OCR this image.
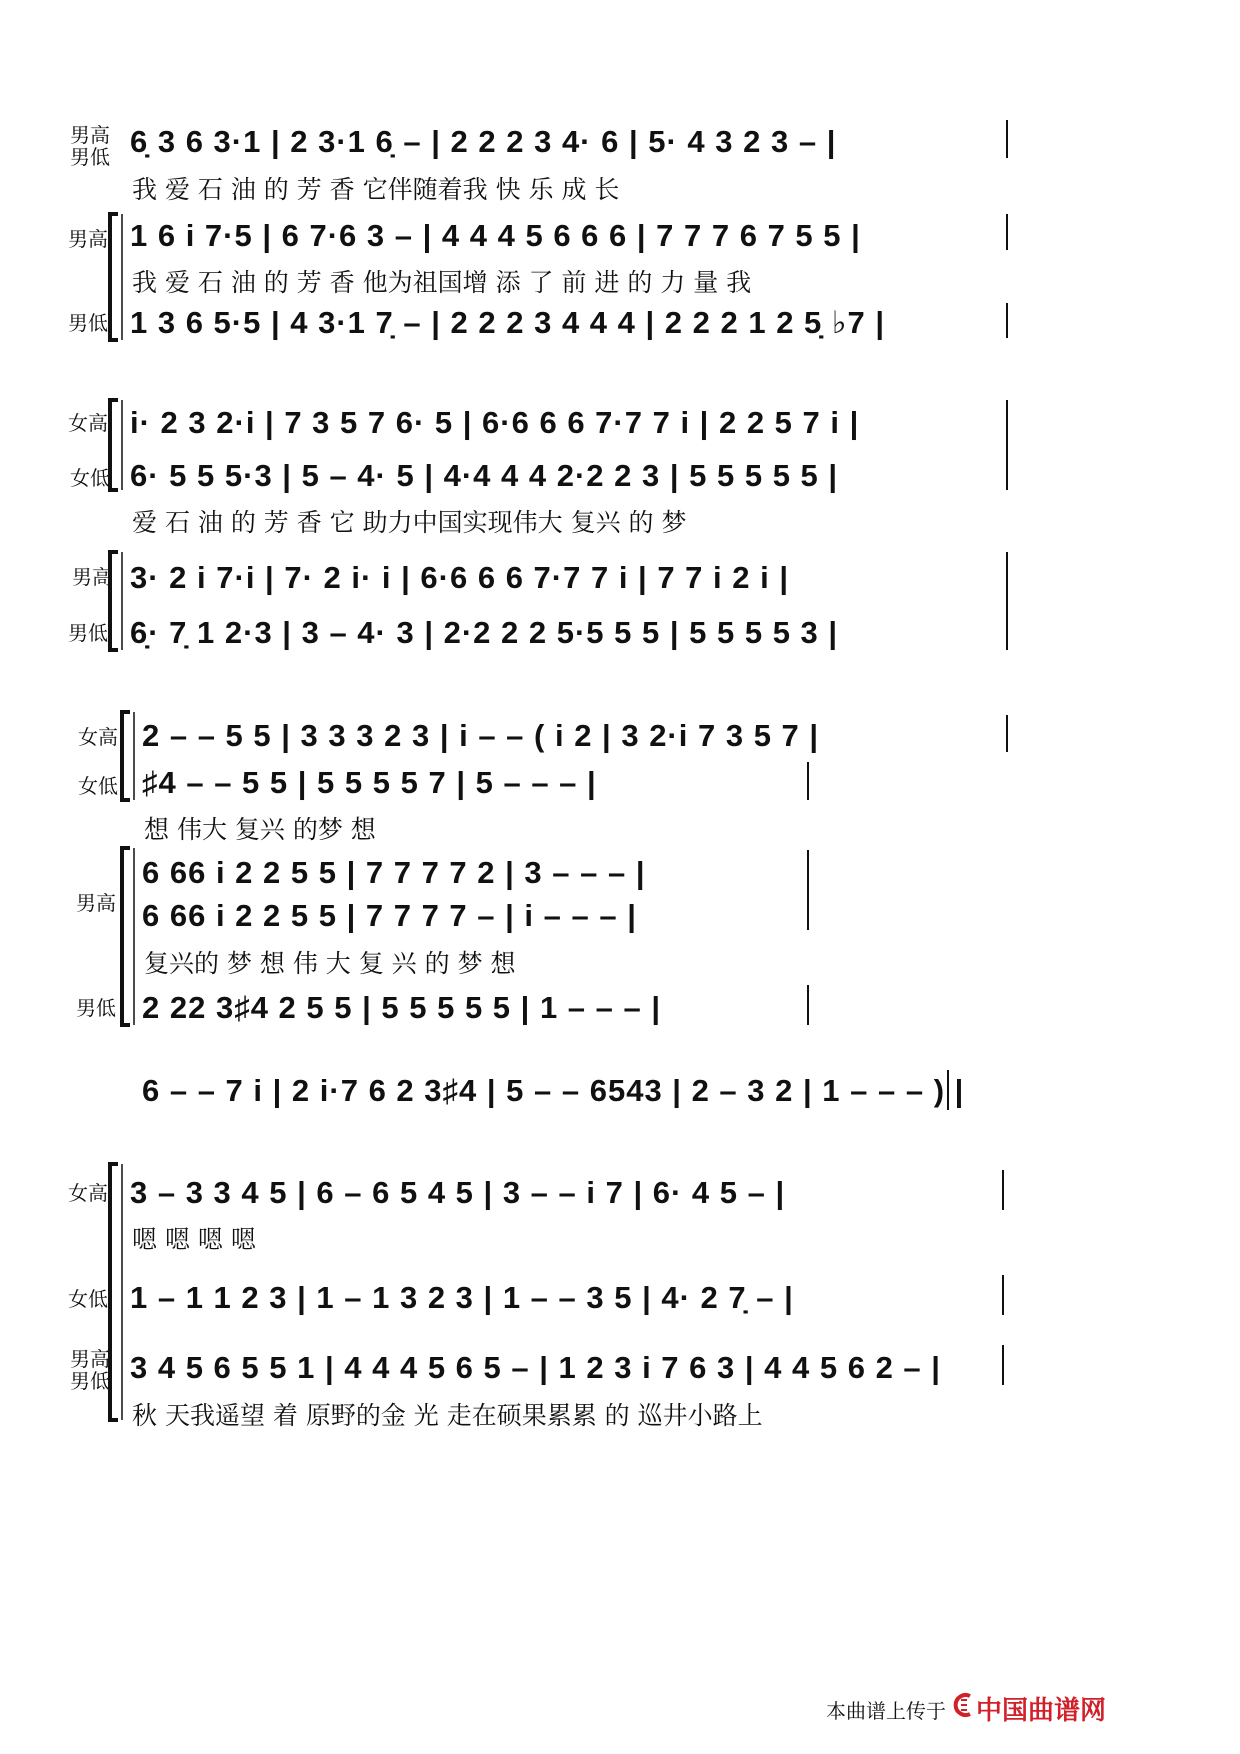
男高
男低 6̣ 3 6 3·1 | 2 3·1 6̣ – | 2 2 2 3 4· 6 | 5· 4 3 2 3 – |
我 爱 石 油 的 芳 香 它伴随着我 快 乐 成 长
男高 1 6 i 7·5 | 6 7·6 3 – | 4 4 4 5 6 6 6 | 7 7 7 6 7 5 5 |
我 爱 石 油 的 芳 香 他为祖国增 添 了 前 进 的 力 量 我
男低 1 3 6 5·5 | 4 3·1 7̣ – | 2 2 2 3 4 4 4 | 2 2 2 1 2 5̣ ♭7 |
女高 i· 2 3 2·i | 7 3 5 7 6· 5 | 6·6 6 6 7·7 7 i | 2 2 5 7 i |
女低 6· 5 5 5·3 | 5 – 4· 5 | 4·4 4 4 2·2 2 3 | 5 5 5 5 5 |
爱 石 油 的 芳 香 它 助力中国实现伟大 复兴 的 梦
男高 3· 2 i 7·i | 7· 2 i· i | 6·6 6 6 7·7 7 i | 7 7 i 2 i |
男低 6̣· 7̣ 1 2·3 | 3 – 4· 3 | 2·2 2 2 5·5 5 5 | 5 5 5 5 3 |
女高 2 – – 5 5 | 3 3 3 2 3 | i – – ( i 2 | 3 2·i 7 3 5 7 |
女低 ♯4 – – 5 5 | 5 5 5 5 7 | 5 – – – |
想 伟大 复兴 的梦 想
男高
6 66 i 2 2 5 5 | 7 7 7 7 2 | 3 – – – |
6 66 i 2 2 5 5 | 7 7 7 7 – | i – – – |
复兴的 梦 想 伟 大 复 兴 的 梦 想
男低 2 22 3♯4 2 5 5 | 5 5 5 5 5 | 1 – – – |
6 – – 7 i | 2 i·7 6 2 3♯4 | 5 – – 6543 | 2 – 3 2 | 1 – – – ) |
女高 3 – 3 3 4 5 | 6 – 6 5 4 5 | 3 – – i 7 | 6· 4 5 – |
嗯 嗯 嗯 嗯
女低 1 – 1 1 2 3 | 1 – 1 3 2 3 | 1 – – 3 5 | 4· 2 7̣ – |
男高
男低 3 4 5 6 5 5 1 | 4 4 4 5 6 5 – | 1 2 3 i 7 6 3 | 4 4 5 6 2 – |
秋 天我遥望 着 原野的金 光 走在硕果累累 的 巡井小路上
本曲谱上传于 中国曲谱网
